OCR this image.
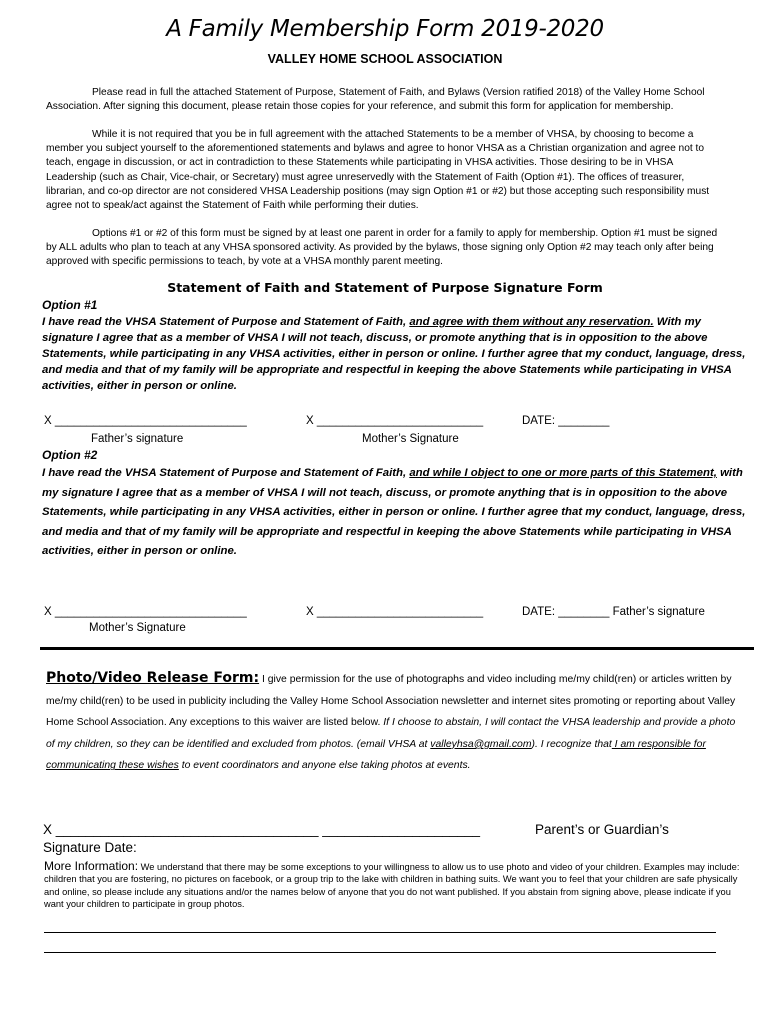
A Family Membership Form 2019-2020
VALLEY HOME SCHOOL ASSOCIATION

Please read in full the attached Statement of Purpose, Statement of Faith, and Bylaws (Version ratified 2018) of the Valley Home School Association. After signing this document, please retain those copies for your reference, and submit this form for application for membership.

While it is not required that you be in full agreement with the attached Statements to be a member of VHSA, by choosing to become a member you subject yourself to the aforementioned statements and bylaws and agree to honor VHSA as a Christian organization and agree not to teach, engage in discussion, or act in contradiction to these Statements while participating in VHSA activities. Those desiring to be in VHSA Leadership (such as Chair, Vice-chair, or Secretary) must agree unreservedly with the Statement of Faith (Option #1). The offices of treasurer, librarian, and co-op director are not considered VHSA Leadership positions (may sign Option #1 or #2) but those accepting such responsibility must agree not to speak/act against the Statement of Faith while performing their duties.

Options #1 or #2 of this form must be signed by at least one parent in order for a family to apply for membership. Option #1 must be signed by ALL adults who plan to teach at any VHSA sponsored activity. As provided by the bylaws, those signing only Option #2 may teach only after being approved with specific permissions to teach, by vote at a VHSA monthly parent meeting.

Statement of Faith and Statement of Purpose Signature Form
Option #1

I have read the VHSA Statement of Purpose and Statement of Faith, and agree with them without any reservation. With my signature I agree that as a member of VHSA I will not teach, discuss, or promote anything that is in opposition to the above Statements, while participating in any VHSA activities, either in person or online. I further agree that my conduct, language, dress, and media and that of my family will be appropriate and respectful in keeping the above Statements while participating in VHSA activities, either in person or online.

X ______________________________	X __________________________	DATE: ________
Father’s signature	Mother’s Signature
Option #2

I have read the VHSA Statement of Purpose and Statement of Faith, and while I object to one or more parts of this Statement, with my signature I agree that as a member of VHSA I will not teach, discuss, or promote anything that is in opposition to the above Statements, while participating in any VHSA activities, either in person or online. I further agree that my conduct, language, dress, and media and that of my family will be appropriate and respectful in keeping the above Statements while participating in VHSA activities, either in person or online.

X ______________________________	X __________________________	DATE: ________ Father’s signature
Mother’s Signature

Photo/Video Release Form: I give permission for the use of photographs and video including me/my child(ren) or articles written by me/my child(ren) to be used in publicity including the Valley Home School Association newsletter and internet sites promoting or reporting about Valley Home School Association. Any exceptions to this waiver are listed below. If I choose to abstain, I will contact the VHSA leadership and provide a photo of my children, so they can be identified and excluded from photos. (email VHSA at valleyhsa@gmail.com). I recognize that I am responsible for communicating these wishes to event coordinators and anyone else taking photos at events.

X ___________________________________ _____________________	Parent’s or Guardian’s
Signature Date:

More Information: We understand that there may be some exceptions to your willingness to allow us to use photo and video of your children. Examples may include: children that you are fostering, no pictures on facebook, or a group trip to the lake with children in bathing suits. We want you to feel that your children are safe physically and online, so please include any situations and/or the names below of anyone that you do not want published. If you abstain from signing above, please indicate if you want your children to participate in group photos.
